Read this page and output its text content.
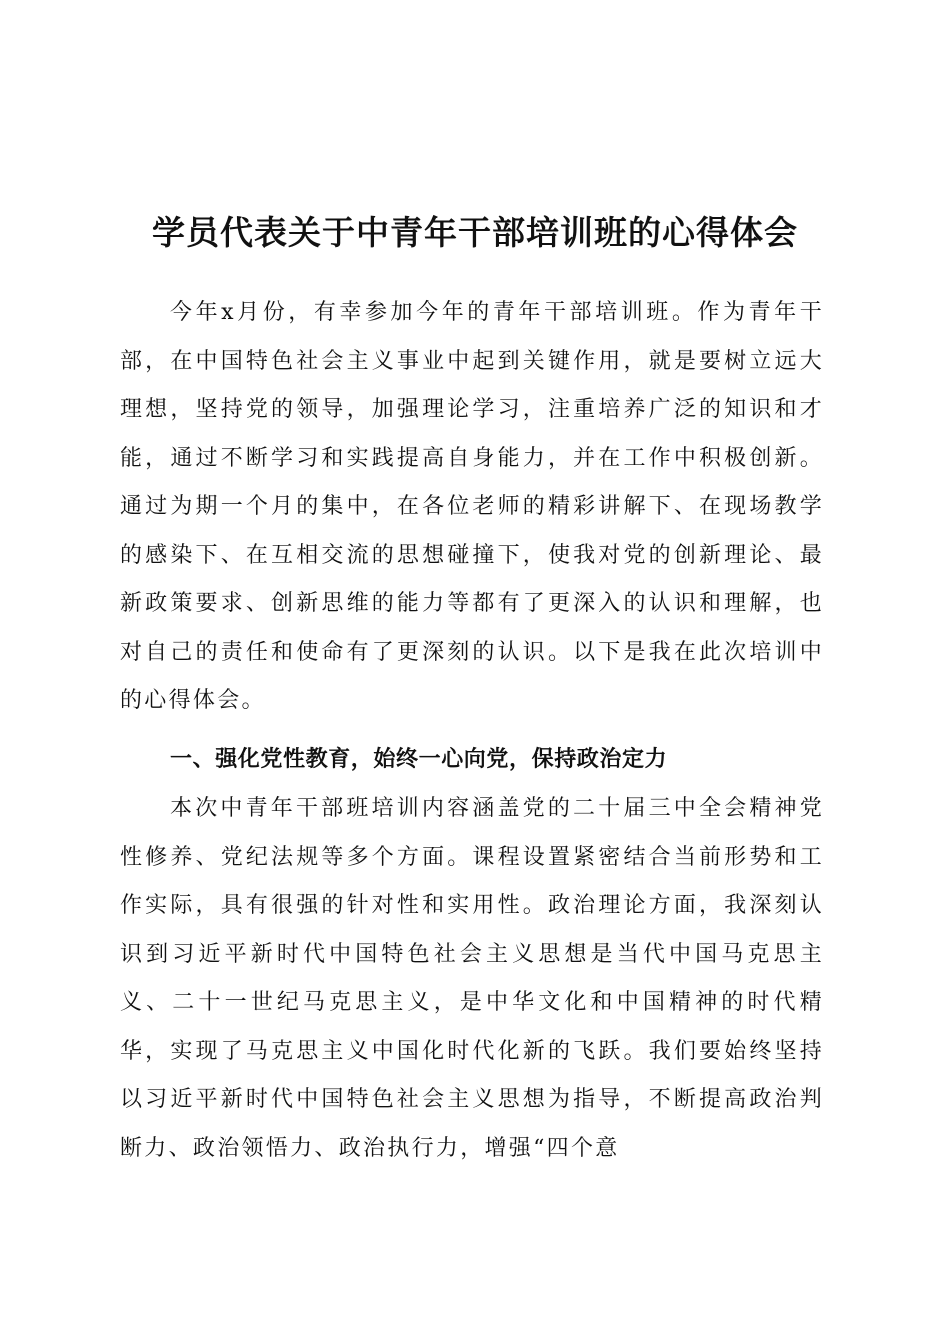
学员代表关于中青年干部培训班的心得体会

今年x月份，有幸参加今年的青年干部培训班。作为青年干部，在中国特色社会主义事业中起到关键作用，就是要树立远大理想，坚持党的领导，加强理论学习，注重培养广泛的知识和才能，通过不断学习和实践提高自身能力，并在工作中积极创新。通过为期一个月的集中，在各位老师的精彩讲解下、在现场教学的感染下、在互相交流的思想碰撞下，使我对党的创新理论、最新政策要求、创新思维的能力等都有了更深入的认识和理解，也对自己的责任和使命有了更深刻的认识。以下是我在此次培训中的心得体会。

一、强化党性教育，始终一心向党，保持政治定力

本次中青年干部班培训内容涵盖党的二十届三中全会精神党性修养、党纪法规等多个方面。课程设置紧密结合当前形势和工作实际，具有很强的针对性和实用性。政治理论方面，我深刻认识到习近平新时代中国特色社会主义思想是当代中国马克思主义、二十一世纪马克思主义，是中华文化和中国精神的时代精华，实现了马克思主义中国化时代化新的飞跃。我们要始终坚持以习近平新时代中国特色社会主义思想为指导，不断提高政治判断力、政治领悟力、政治执行力，增强“四个意
